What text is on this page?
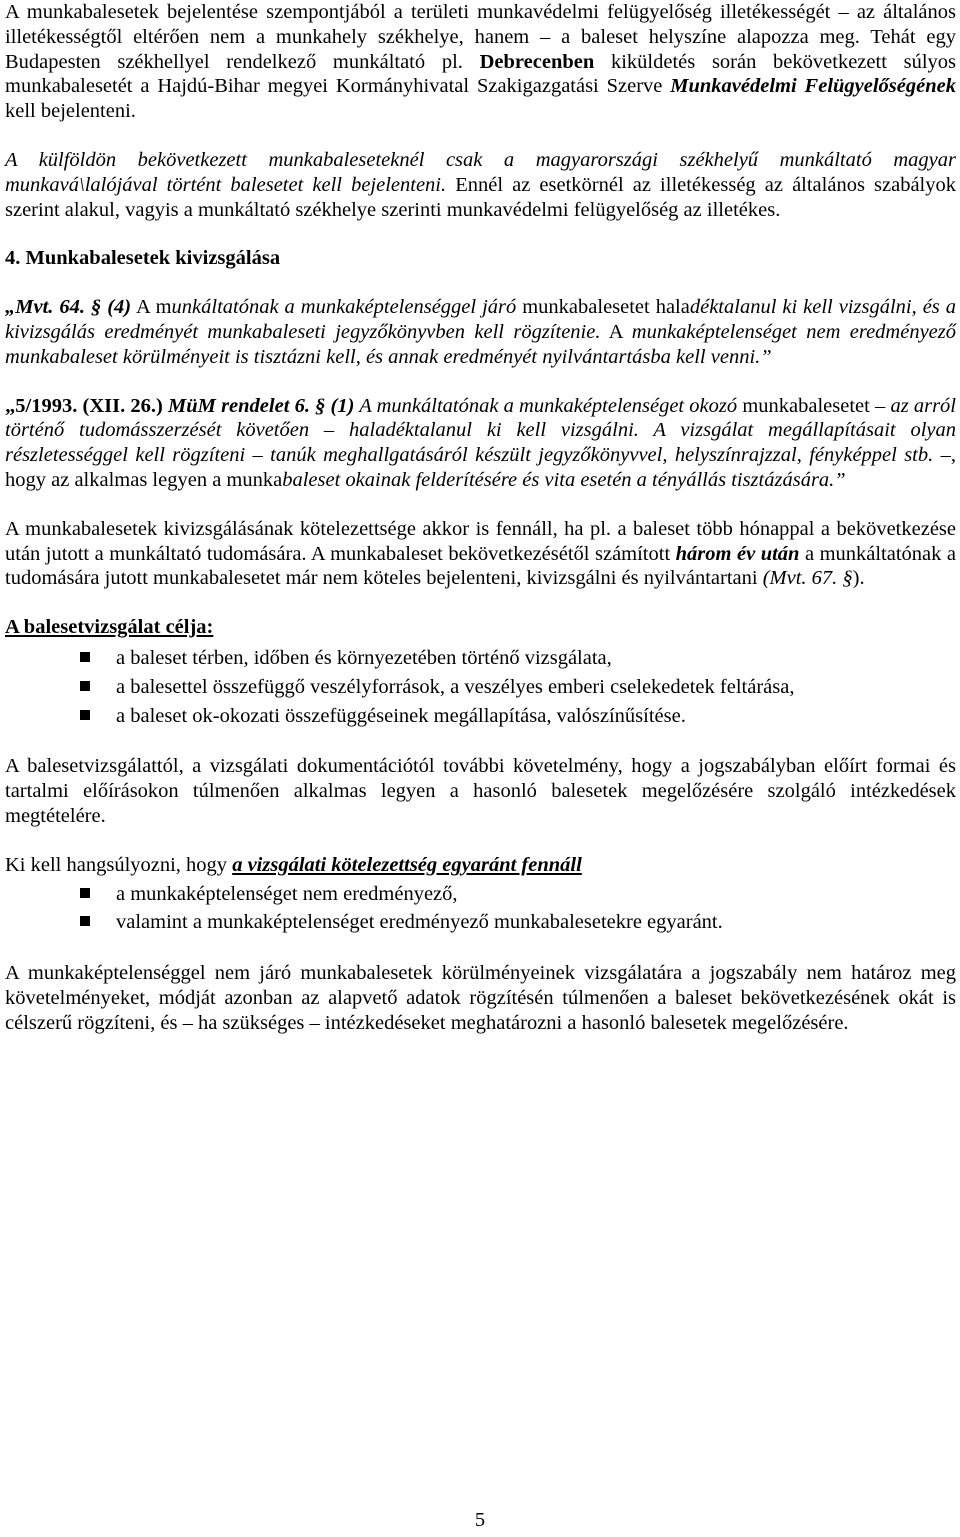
A munkabalesetek bejelentése szempontjából a területi munkavédelmi felügyelőség illetékességét – az általános illetékességtől eltérően nem a munkahely székhelye, hanem – a baleset helyszíne alapozza meg. Tehát egy Budapesten székhellyel rendelkező munkáltató pl. Debrecenben kiküldetés során bekövetkezett súlyos munkabalesetét a Hajdú-Bihar megyei Kormányhivatal Szakigazgatási Szerve Munkavédelmi Felügyelőségének kell bejelenteni.

A külföldön bekövetkezett munkabaleseteknél csak a magyarországi székhelyű munkáltató magyar munkavá\lalójával történt balesetet kell bejelenteni. Ennél az esetkörnél az illetékesség az általános szabályok szerint alakul, vagyis a munkáltató székhelye szerinti munkavédelmi felügyelőség az illetékes.

4. Munkabalesetek kivizsgálása

„Mvt. 64. § (4) A munkáltatónak a munkaképtelenséggel járó munkabalesetet haladéktalanul ki kell vizsgálni, és a kivizsgálás eredményét munkabaleseti jegyzőkönyvben kell rögzítenie. A munkaképtelenséget nem eredményező munkabaleset körülményeit is tisztázni kell, és annak eredményét nyilvántartásba kell venni.”

„5/1993. (XII. 26.) MüM rendelet 6. § (1) A munkáltatónak a munkaképtelenséget okozó munkabalesetet – az arról történő tudomásszerzését követően – haladéktalanul ki kell vizsgálni. A vizsgálat megállapításait olyan részletességgel kell rögzíteni – tanúk meghallgatásáról készült jegyzőkönyvvel, helyszínrajzzal, fényképpel stb. –, hogy az alkalmas legyen a munkabaleset okainak felderítésére és vita esetén a tényállás tisztázására.”

A munkabalesetek kivizsgálásának kötelezettsége akkor is fennáll, ha pl. a baleset több hónappal a bekövetkezése után jutott a munkáltató tudomására. A munkabaleset bekövetkezésétől számított három év után a munkáltatónak a tudomására jutott munkabalesetet már nem köteles bejelenteni, kivizsgálni és nyilvántartani (Mvt. 67. §).

A balesetvizsgálat célja:

a baleset térben, időben és környezetében történő vizsgálata,
a balesettel összefüggő veszélyforrások, a veszélyes emberi cselekedetek feltárása,
a baleset ok-okozati összefüggéseinek megállapítása, valószínűsítése.

A balesetvizsgálattól, a vizsgálati dokumentációtól további követelmény, hogy a jogszabályban előírt formai és tartalmi előírásokon túlmenően alkalmas legyen a hasonló balesetek megelőzésére szolgáló intézkedések megtételére.

Ki kell hangsúlyozni, hogy a vizsgálati kötelezettség egyaránt fennáll

a munkaképtelenséget nem eredményező,
valamint a munkaképtelenséget eredményező munkabalesetekre egyaránt.

A munkaképtelenséggel nem járó munkabalesetek körülményeinek vizsgálatára a jogszabály nem határoz meg követelményeket, módját azonban az alapvető adatok rögzítésén túlmenően a baleset bekövetkezésének okát is célszerű rögzíteni, és – ha szükséges – intézkedéseket meghatározni a hasonló balesetek megelőzésére.

5
